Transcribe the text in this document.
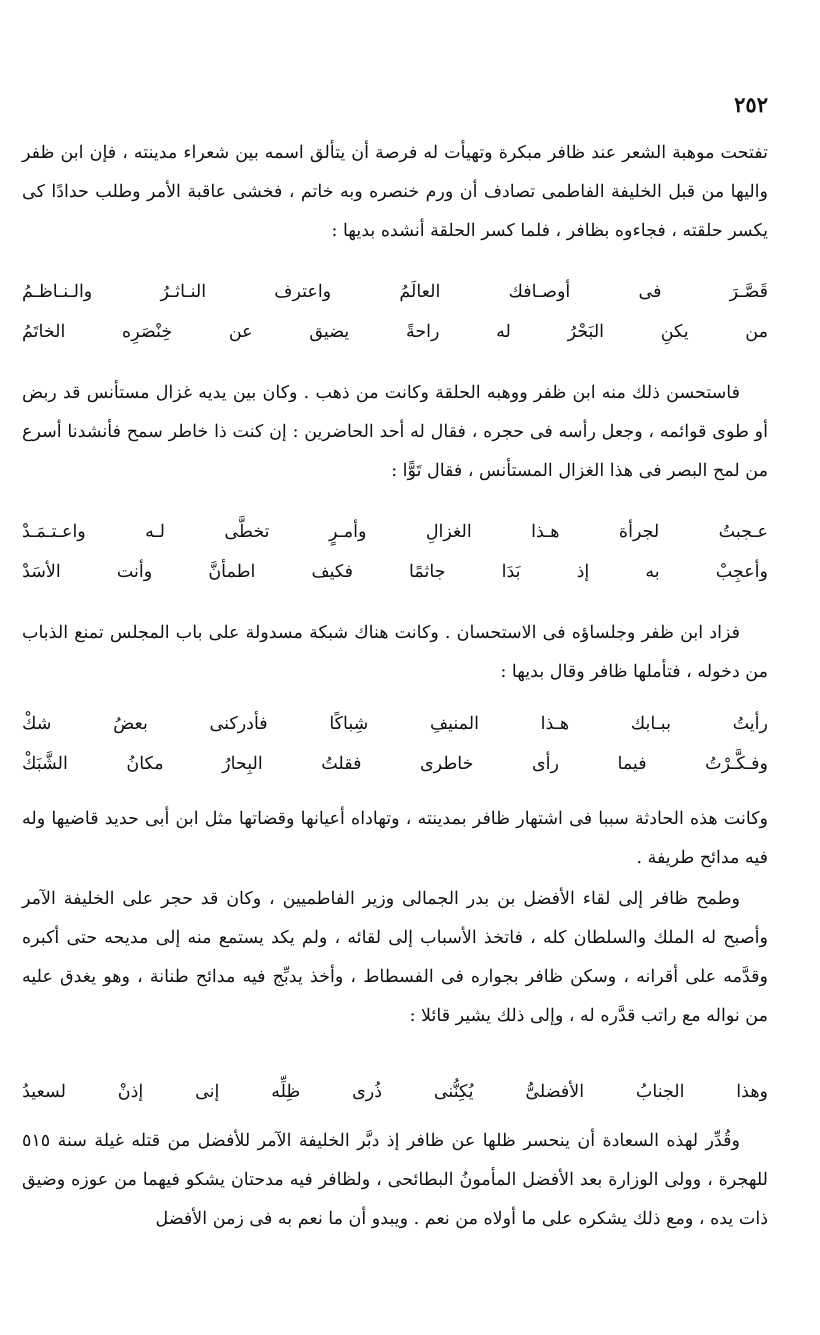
٢٥٢

تفتحت موهبة الشعر عند ظافر مبكرة وتهيأت له فرصة أن يتألق اسمه بين شعراء مدينته ، فإن ابن ظفر واليها من قبل الخليفة الفاطمى تصادف أن ورم خنصره وبه خاتم ، فخشى عاقبة الأمر وطلب حدادًا كى يكسر حلقته ، فجاءوه بظافر ، فلما كسر الحلقة أنشده بديها :

قَصَّـرَ
فى
أوصـافك
العالَمُ
واعترف
النـاثـرُ
والـنـاظـمُ
من
يكنِ
البَحْرُ
له
راحةً
يضيق
عن
خِنْصَرِه
الخاتَمُ

فاستحسن ذلك منه ابن ظفر ووهبه الحلقة وكانت من ذهب . وكان بين يديه غزال مستأنس قد ربض أو طوى قوائمه ، وجعل رأسه فى حجره ، فقال له أحد الحاضرين : إن كنت ذا خاطر سمح فأنشدنا أسرع من لمح البصر فى هذا الغزال المستأنس ، فقال تَوًّا :

عـجبتُ
لجرأة
هـذا
الغزالِ
وأمـرٍ
تخطَّى
لـه
واعـتـمَـدْ
وأعجِبْ
به
إذ
بَدَا
جاثمًا
فكيف
اطمأنَّ
وأنت
الأسَدْ

فزاد ابن ظفر وجلساؤه فى الاستحسان . وكانت هناك شبكة مسدولة على باب المجلس تمنع الذباب من دخوله ، فتأملها ظافر وقال بديها :

رأيتُ
ببـابك
هـذا
المنيفِ
شِباكًا
فأدركنى
بعضُ
شكْ
وفـكَّـرْتُ
فيما
رأى
خاطرى
فقلتُ
البِحارُ
مكانُ
الشَّبَكْ

وكانت هذه الحادثة سببا فى اشتهار ظافر بمدينته ، وتهاداه أعيانها وقضاتها مثل ابن أبى حديد قاضيها وله فيه مدائح طريفة .

وطمح ظافر إلى لقاء الأفضل بن بدر الجمالى وزير الفاطميين ، وكان قد حجر على الخليفة الآمر وأصبح له الملك والسلطان كله ، فاتخذ الأسباب إلى لقائه ، ولم يكد يستمع منه إلى مديحه حتى أكبره وقدَّمه على أقرانه ، وسكن ظافر بجواره فى الفسطاط ، وأخذ يدبِّج فيه مدائح طنانة ، وهو يغدق عليه من نواله مع راتب قدَّره له ، وإلى ذلك يشير قائلا :

وهذا
الجنابُ
الأفضلىُّ
يُكِنُّنى
ذُرى
ظِلِّه
إنى
إذنْ
لسعيدُ

وقُدِّر لهذه السعادة أن ينحسر ظلها عن ظافر إذ دبَّر الخليفة الآمر للأفضل من قتله غيلة سنة ٥١٥ للهجرة ، وولى الوزارة بعد الأفضل المأمونُ البطائحى ، ولظافر فيه مدحتان يشكو فيهما من عوزه وضيق ذات يده ، ومع ذلك يشكره على ما أولاه من نعم . ويبدو أن ما نعم به فى زمن الأفضل
